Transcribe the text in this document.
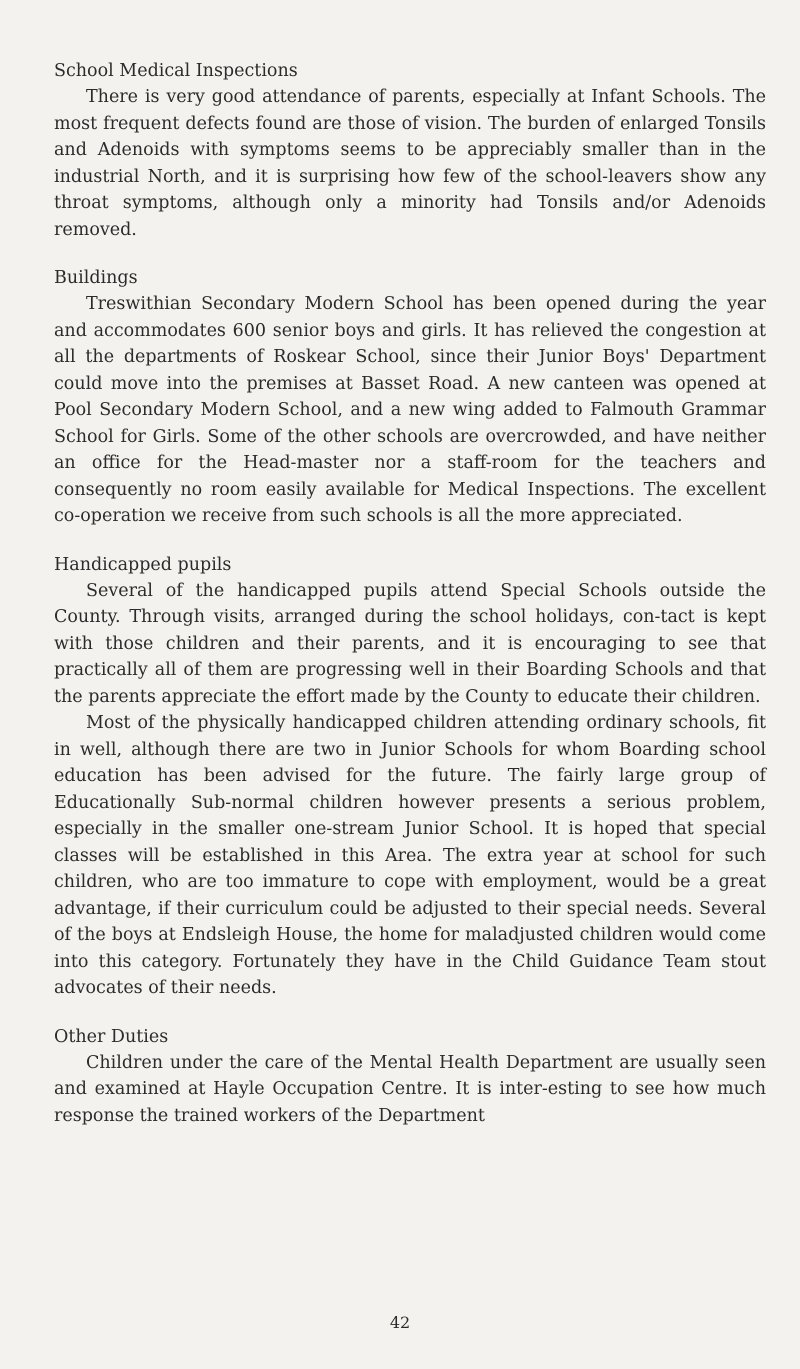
School Medical Inspections

There is very good attendance of parents, especially at Infant Schools. The most frequent defects found are those of vision. The burden of enlarged Tonsils and Adenoids with symptoms seems to be appreciably smaller than in the industrial North, and it is surprising how few of the school-leavers show any throat symptoms, although only a minority had Tonsils and/or Adenoids removed.

Buildings

Treswithian Secondary Modern School has been opened during the year and accommodates 600 senior boys and girls. It has relieved the congestion at all the departments of Roskear School, since their Junior Boys' Department could move into the premises at Basset Road. A new canteen was opened at Pool Secondary Modern School, and a new wing added to Falmouth Grammar School for Girls. Some of the other schools are overcrowded, and have neither an office for the Head-master nor a staff-room for the teachers and consequently no room easily available for Medical Inspections. The excellent co-operation we receive from such schools is all the more appreciated.

Handicapped pupils

Several of the handicapped pupils attend Special Schools outside the County. Through visits, arranged during the school holidays, con-tact is kept with those children and their parents, and it is encouraging to see that practically all of them are progressing well in their Boarding Schools and that the parents appreciate the effort made by the County to educate their children.

Most of the physically handicapped children attending ordinary schools, fit in well, although there are two in Junior Schools for whom Boarding school education has been advised for the future. The fairly large group of Educationally Sub-normal children however presents a serious problem, especially in the smaller one-stream Junior School. It is hoped that special classes will be established in this Area. The extra year at school for such children, who are too immature to cope with employment, would be a great advantage, if their curriculum could be adjusted to their special needs. Several of the boys at Endsleigh House, the home for maladjusted children would come into this category. Fortunately they have in the Child Guidance Team stout advocates of their needs.

Other Duties

Children under the care of the Mental Health Department are usually seen and examined at Hayle Occupation Centre. It is inter-esting to see how much response the trained workers of the Department

42
